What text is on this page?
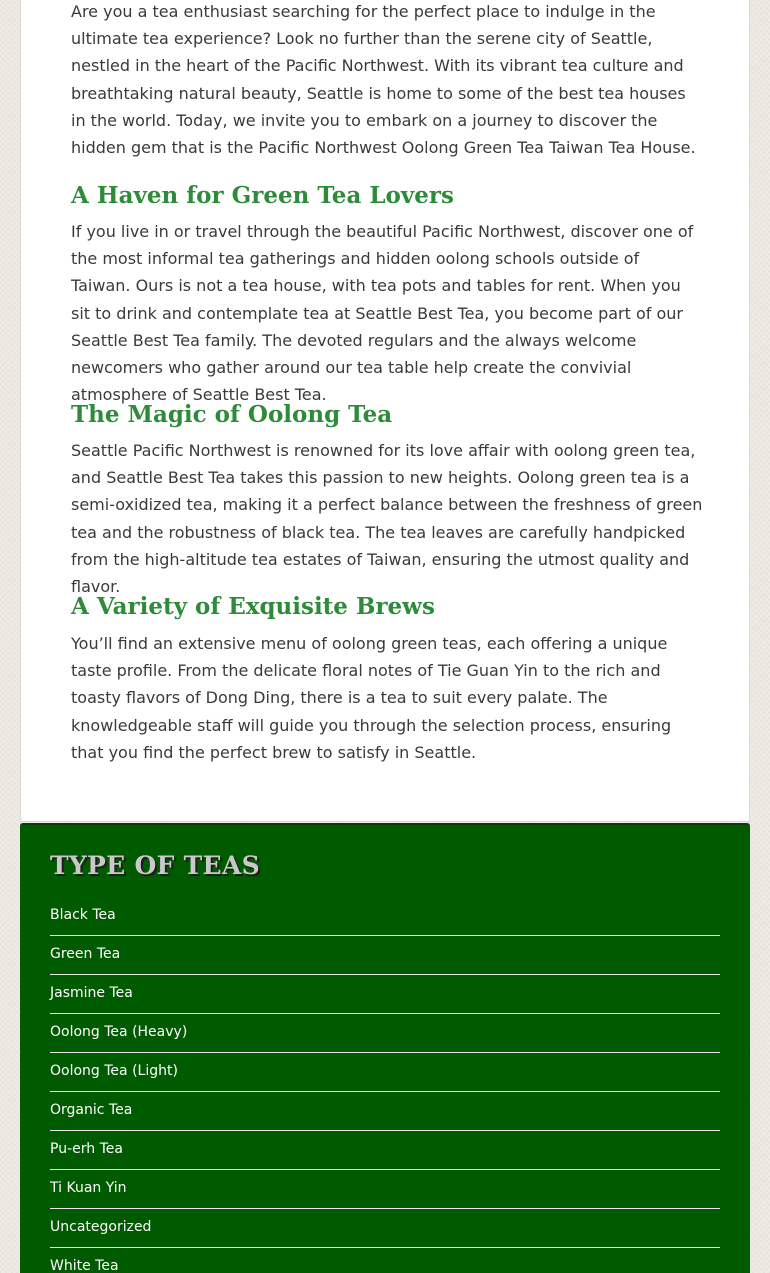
Are you a tea enthusiast searching for the perfect place to indulge in the ultimate tea experience? Look no further than the serene city of Seattle, nestled in the heart of the Pacific Northwest. With its vibrant tea culture and breathtaking natural beauty, Seattle is home to some of the best tea houses in the world. Today, we invite you to embark on a journey to discover the hidden gem that is the Pacific Northwest Oolong Green Tea Taiwan Tea House.

A Haven for Green Tea Lovers

If you live in or travel through the beautiful Pacific Northwest, discover one of the most informal tea gatherings and hidden oolong schools outside of Taiwan. Ours is not a tea house, with tea pots and tables for rent. When you sit to drink and contemplate tea at Seattle Best Tea, you become part of our Seattle Best Tea family. The devoted regulars and the always welcome newcomers who gather around our tea table help create the convivial atmosphere of Seattle Best Tea.

The Magic of Oolong Tea

Seattle Pacific Northwest is renowned for its love affair with oolong green tea, and Seattle Best Tea takes this passion to new heights. Oolong green tea is a semi-oxidized tea, making it a perfect balance between the freshness of green tea and the robustness of black tea. The tea leaves are carefully handpicked from the high-altitude tea estates of Taiwan, ensuring the utmost quality and flavor.

A Variety of Exquisite Brews

You’ll find an extensive menu of oolong green teas, each offering a unique taste profile. From the delicate floral notes of Tie Guan Yin to the rich and toasty flavors of Dong Ding, there is a tea to suit every palate. The knowledgeable staff will guide you through the selection process, ensuring that you find the perfect brew to satisfy in Seattle.

TYPE OF TEAS
Black Tea
Green Tea
Jasmine Tea
Oolong Tea (Heavy)
Oolong Tea (Light)
Organic Tea
Pu-erh Tea
Ti Kuan Yin
Uncategorized
White Tea
